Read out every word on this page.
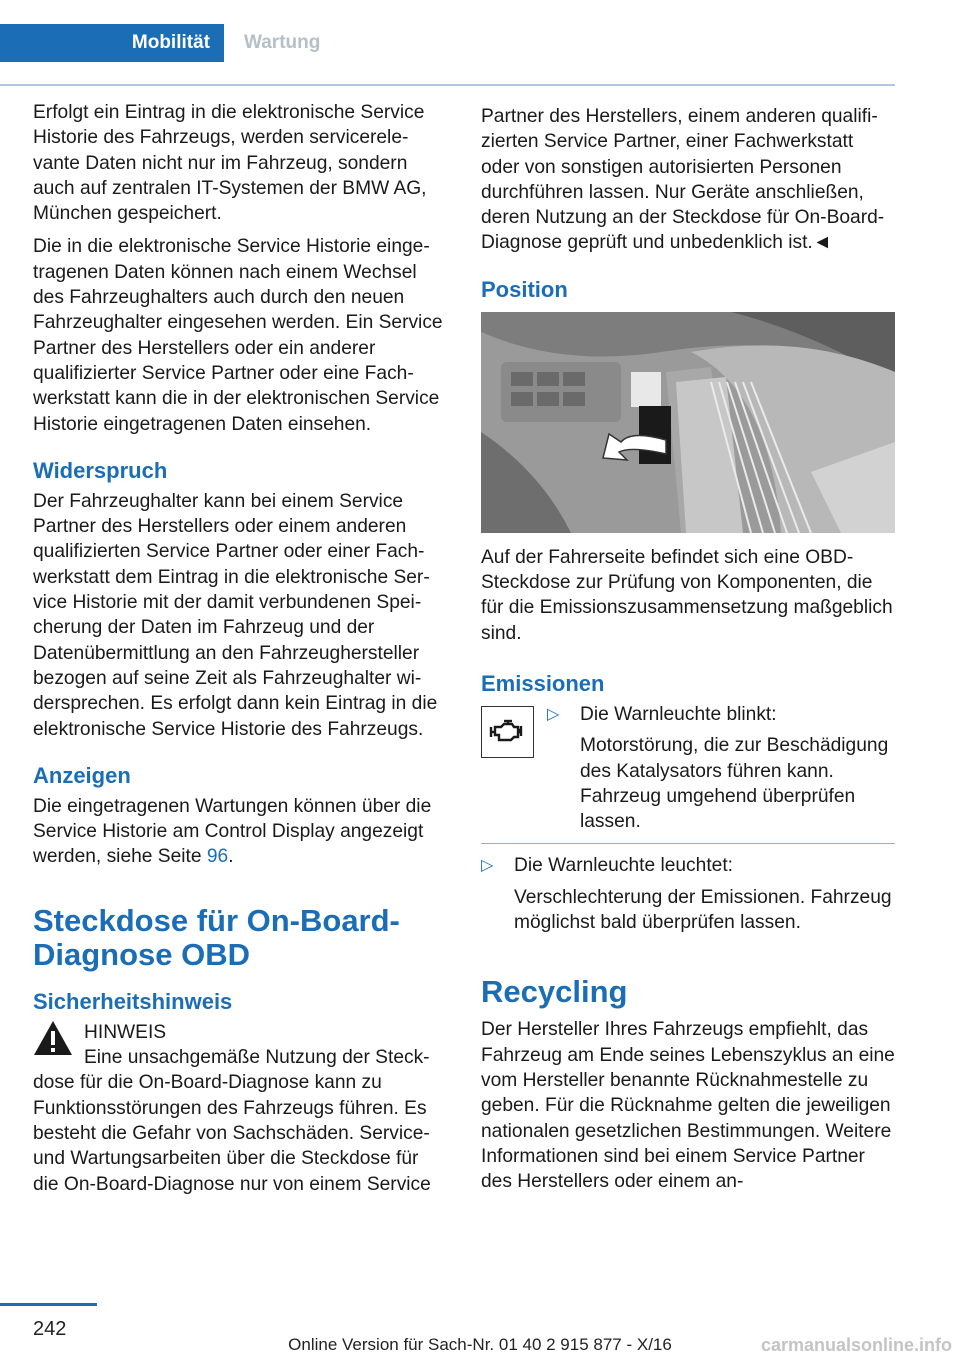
Mobilität	Wartung

Erfolgt ein Eintrag in die elektronische Service Historie des Fahrzeugs, werden servicerelevante Daten nicht nur im Fahrzeug, sondern auch auf zentralen IT-Systemen der BMW AG, München gespeichert.

Die in die elektronische Service Historie eingetragenen Daten können nach einem Wechsel des Fahrzeughalters auch durch den neuen Fahrzeughalter eingesehen werden. Ein Service Partner des Herstellers oder ein anderer qualifizierter Service Partner oder eine Fachwerkstatt kann die in der elektronischen Service Historie eingetragenen Daten einsehen.

Widerspruch

Der Fahrzeughalter kann bei einem Service Partner des Herstellers oder einem anderen qualifizierten Service Partner oder einer Fachwerkstatt dem Eintrag in die elektronische Service Historie mit der damit verbundenen Speicherung der Daten im Fahrzeug und der Datenübermittlung an den Fahrzeughersteller bezogen auf seine Zeit als Fahrzeughalter widersprechen. Es erfolgt dann kein Eintrag in die elektronische Service Historie des Fahrzeugs.

Anzeigen

Die eingetragenen Wartungen können über die Service Historie am Control Display angezeigt werden, siehe Seite 96.

Steckdose für On-Board-Diagnose OBD
Sicherheitshinweis

HINWEIS

Eine unsachgemäße Nutzung der Steck-

dose für die On-Board-Diagnose kann zu Funktionsstörungen des Fahrzeugs führen. Es besteht die Gefahr von Sachschäden. Service- und Wartungsarbeiten über die Steckdose für die On-Board-Diagnose nur von einem Service

Partner des Herstellers, einem anderen qualifizierten Service Partner, einer Fachwerkstatt oder von sonstigen autorisierten Personen durchführen lassen. Nur Geräte anschließen, deren Nutzung an der Steckdose für On-Board-Diagnose geprüft und unbedenklich ist.◄

Position

Auf der Fahrerseite befindet sich eine OBD-Steckdose zur Prüfung von Komponenten, die für die Emissionszusammensetzung maßgeblich sind.

Emissionen

▷ Die Warnleuchte blinkt:

Motorstörung, die zur Beschädigung des Katalysators führen kann. Fahrzeug umgehend überprüfen lassen.

▷ Die Warnleuchte leuchtet:

Verschlechterung der Emissionen. Fahrzeug möglichst bald überprüfen lassen.

Recycling

Der Hersteller Ihres Fahrzeugs empfiehlt, das Fahrzeug am Ende seines Lebenszyklus an eine vom Hersteller benannte Rücknahmestelle zu geben. Für die Rücknahme gelten die jeweiligen nationalen gesetzlichen Bestimmungen. Weitere Informationen sind bei einem Service Partner des Herstellers oder einem an-

242
Online Version für Sach-Nr. 01 40 2 915 877 - X/16	carmanualsonline.info
